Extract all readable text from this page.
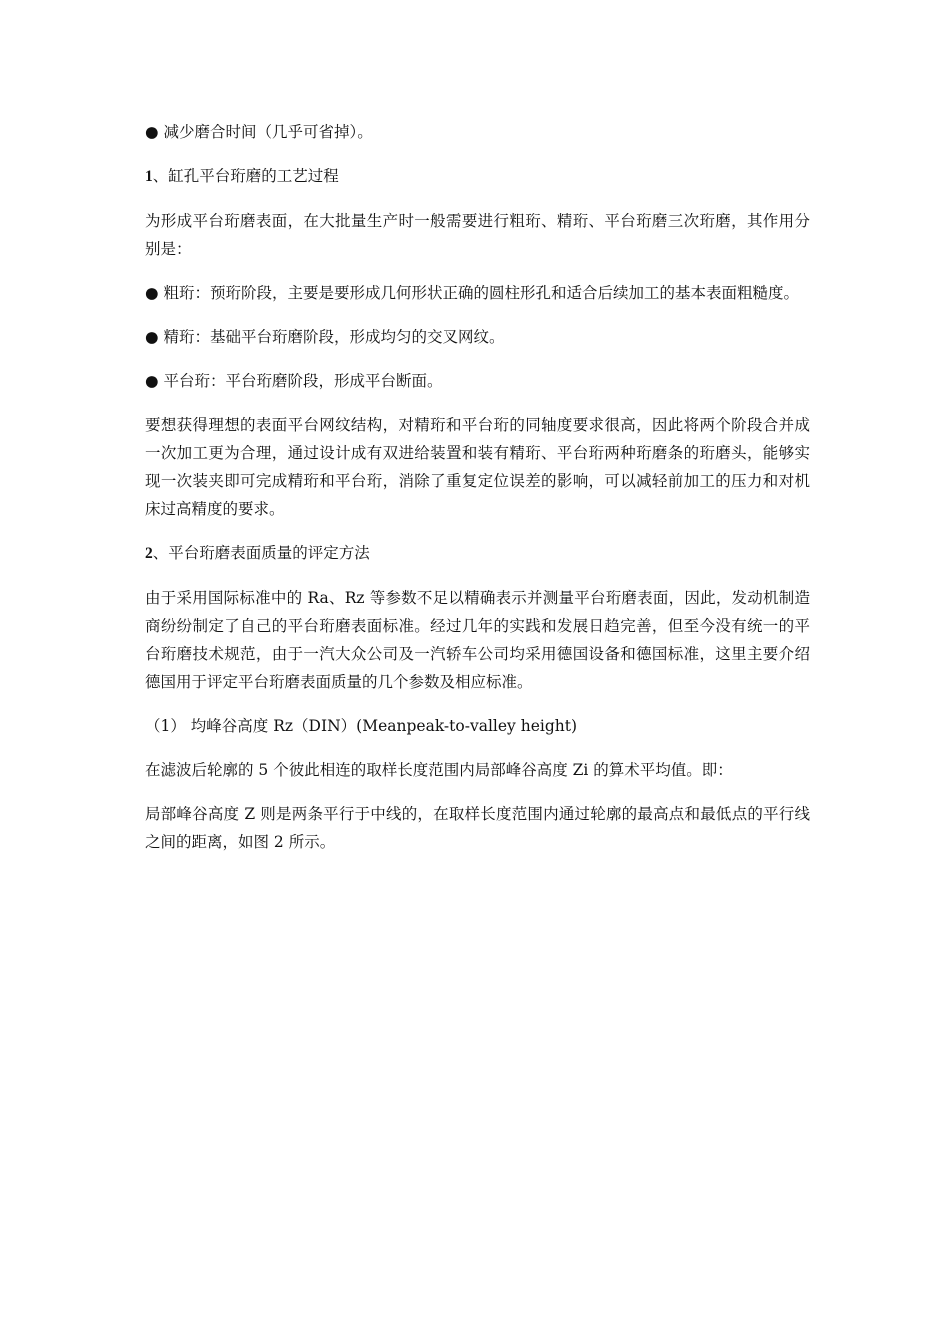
● 减少磨合时间（几乎可省掉）。

1、缸孔平台珩磨的工艺过程

为形成平台珩磨表面，在大批量生产时一般需要进行粗珩、精珩、平台珩磨三次珩磨，其作用分别是：

● 粗珩：预珩阶段，主要是要形成几何形状正确的圆柱形孔和适合后续加工的基本表面粗糙度。

● 精珩：基础平台珩磨阶段，形成均匀的交叉网纹。

● 平台珩：平台珩磨阶段，形成平台断面。

要想获得理想的表面平台网纹结构，对精珩和平台珩的同轴度要求很高，因此将两个阶段合并成一次加工更为合理，通过设计成有双进给装置和装有精珩、平台珩两种珩磨条的珩磨头，能够实现一次装夹即可完成精珩和平台珩，消除了重复定位误差的影响，可以减轻前加工的压力和对机床过高精度的要求。

2、平台珩磨表面质量的评定方法

由于采用国际标准中的 Ra、Rz 等参数不足以精确表示并测量平台珩磨表面，因此，发动机制造商纷纷制定了自己的平台珩磨表面标准。经过几年的实践和发展日趋完善，但至今没有统一的平台珩磨技术规范，由于一汽大众公司及一汽轿车公司均采用德国设备和德国标准，这里主要介绍德国用于评定平台珩磨表面质量的几个参数及相应标准。

（1） 均峰谷高度 Rz（DIN）(Meanpeak-to-valley height)

在滤波后轮廓的 5 个彼此相连的取样长度范围内局部峰谷高度 Zi 的算术平均值。即：

局部峰谷高度 Z 则是两条平行于中线的，在取样长度范围内通过轮廓的最高点和最低点的平行线之间的距离，如图 2 所示。
